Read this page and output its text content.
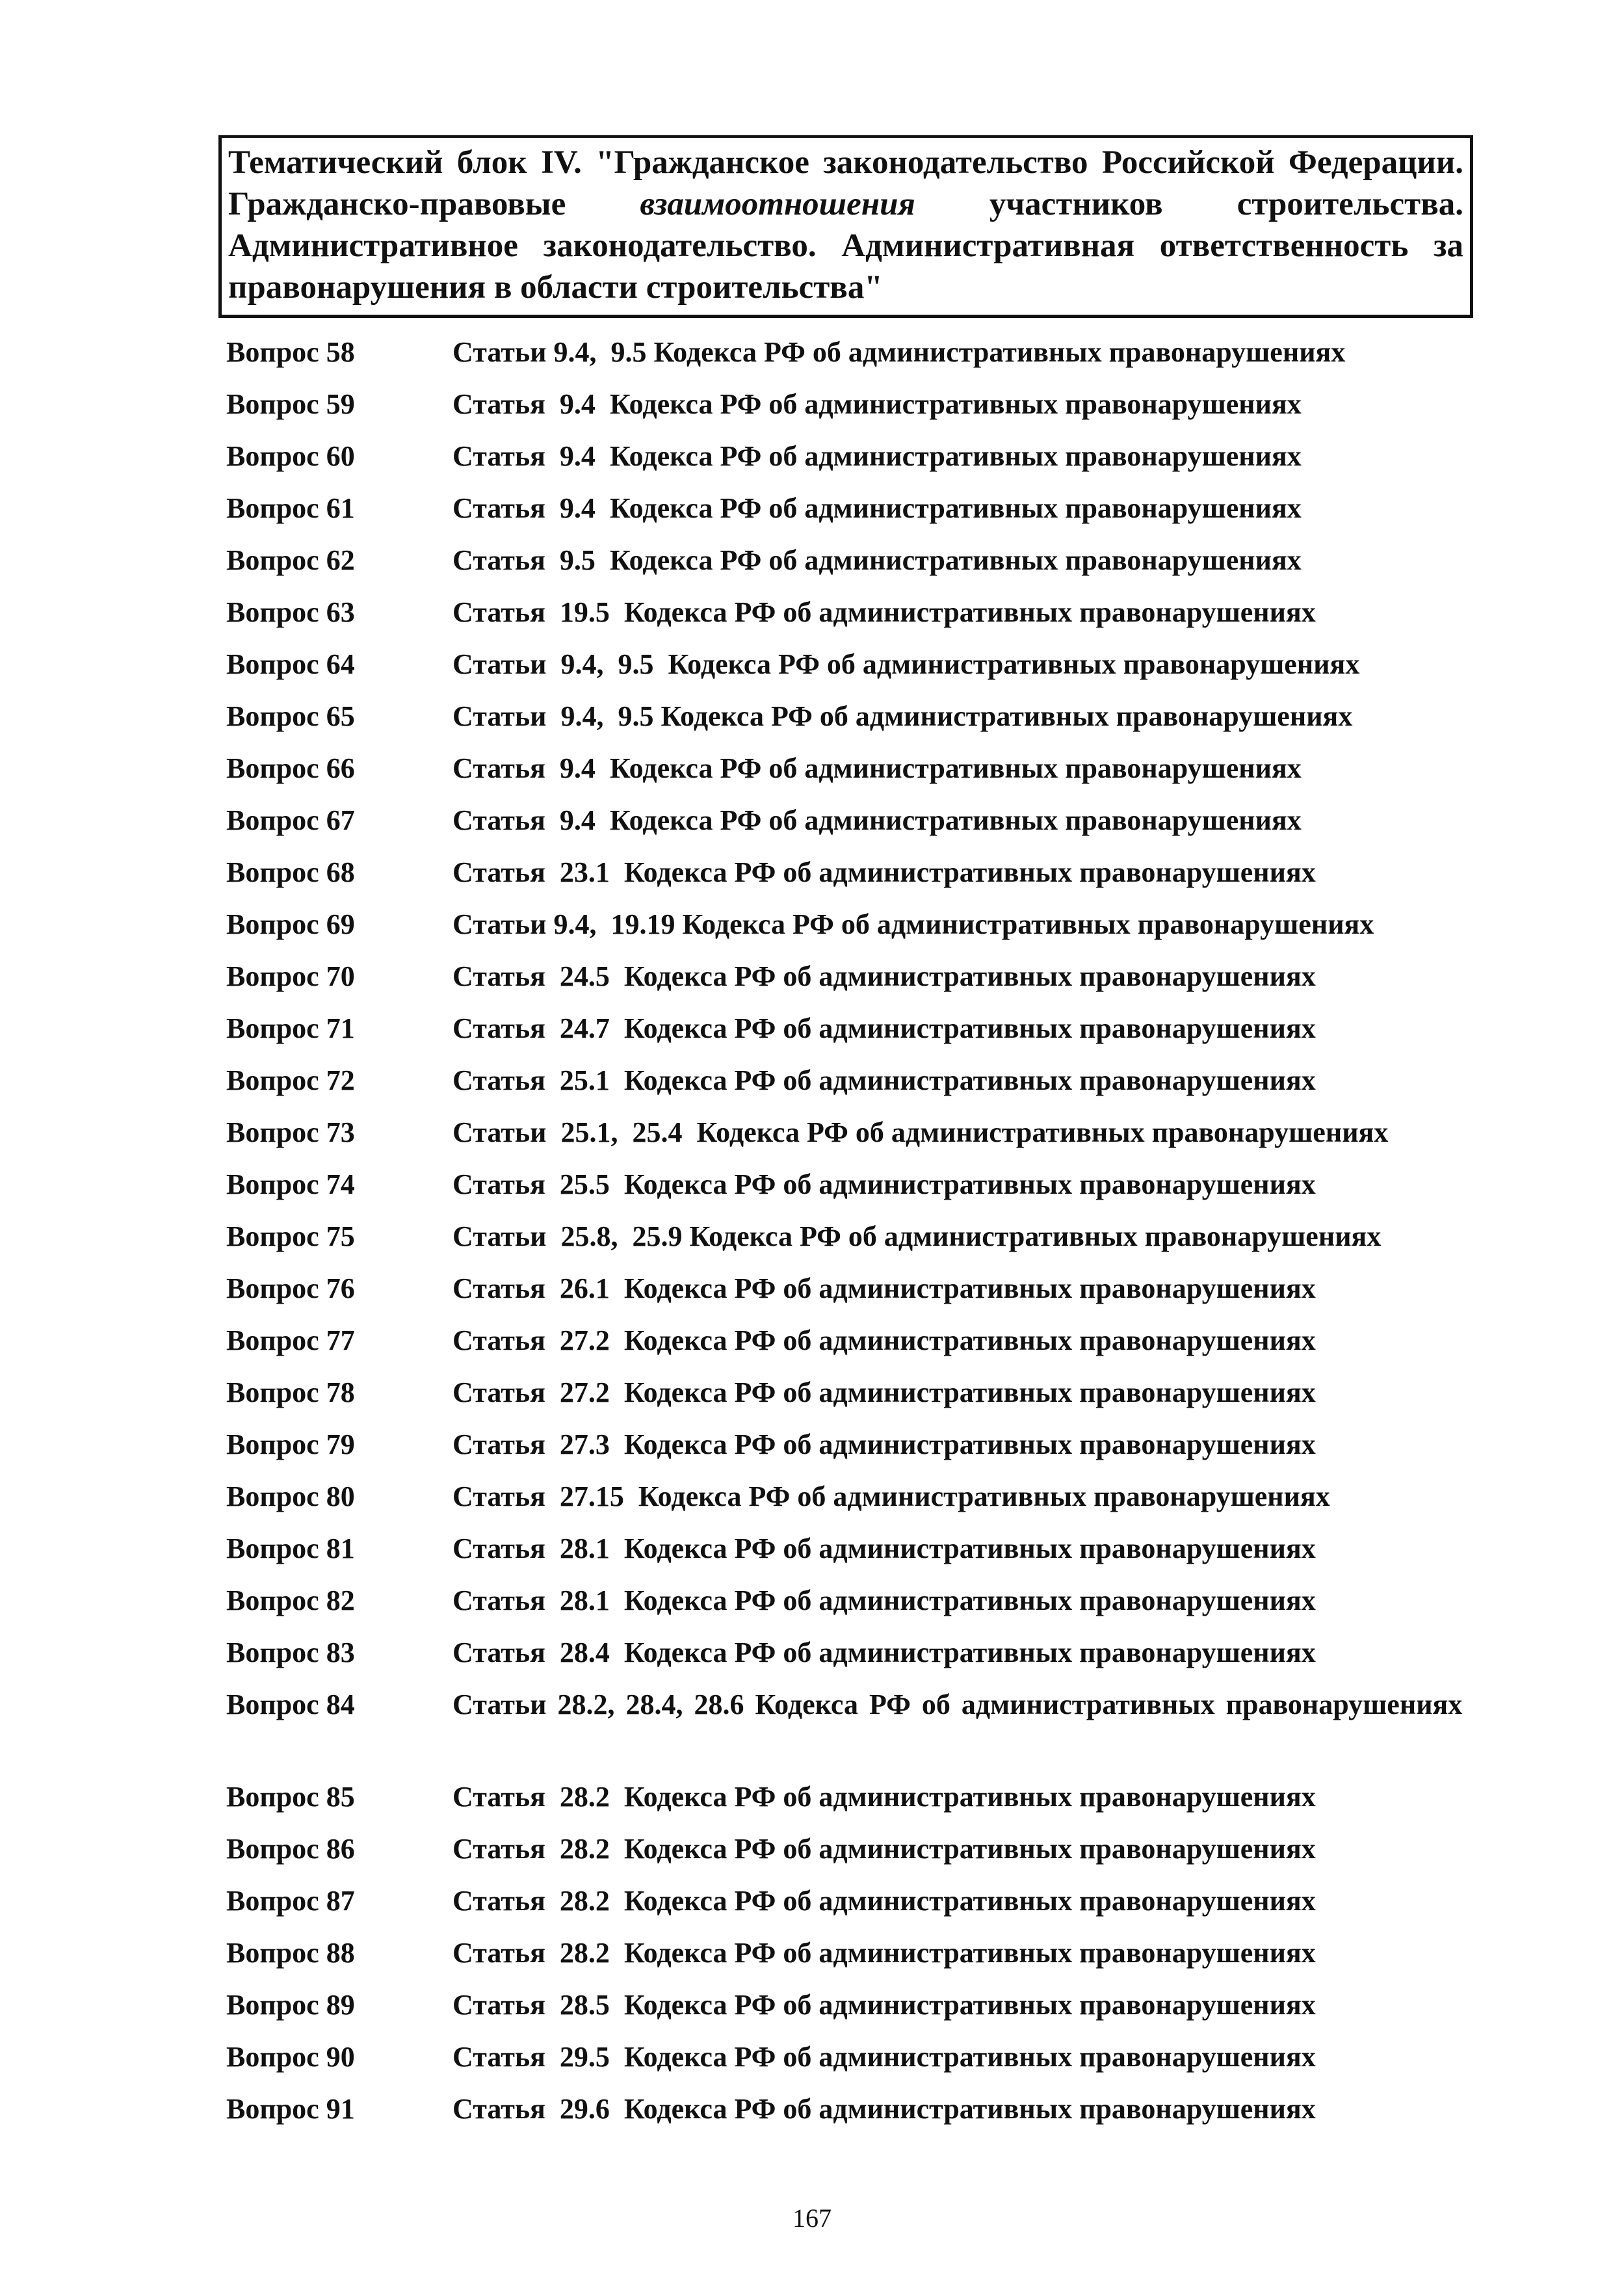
Тематический блок IV. "Гражданское законодательство Российской Федерации. Гражданско-правовые взаимоотношения участников строительства. Административное законодательство. Административная ответственность за правонарушения в области строительства"

Вопрос 58	Статьи 9.4,  9.5 Кодекса РФ об административных правонарушениях
Вопрос 59	Статья  9.4  Кодекса РФ об административных правонарушениях
Вопрос 60	Статья  9.4  Кодекса РФ об административных правонарушениях
Вопрос 61	Статья  9.4  Кодекса РФ об административных правонарушениях
Вопрос 62	Статья  9.5  Кодекса РФ об административных правонарушениях
Вопрос 63	Статья  19.5  Кодекса РФ об административных правонарушениях
Вопрос 64	Статьи  9.4,  9.5  Кодекса РФ об административных правонарушениях
Вопрос 65	Статьи  9.4,  9.5 Кодекса РФ об административных правонарушениях
Вопрос 66	Статья  9.4  Кодекса РФ об административных правонарушениях
Вопрос 67	Статья  9.4  Кодекса РФ об административных правонарушениях
Вопрос 68	Статья  23.1  Кодекса РФ об административных правонарушениях
Вопрос 69	Статьи 9.4,  19.19 Кодекса РФ об административных правонарушениях
Вопрос 70	Статья  24.5  Кодекса РФ об административных правонарушениях
Вопрос 71	Статья  24.7  Кодекса РФ об административных правонарушениях
Вопрос 72	Статья  25.1  Кодекса РФ об административных правонарушениях
Вопрос 73	Статьи  25.1,  25.4  Кодекса РФ об административных правонарушениях
Вопрос 74	Статья  25.5  Кодекса РФ об административных правонарушениях
Вопрос 75	Статьи  25.8,  25.9 Кодекса РФ об административных правонарушениях
Вопрос 76	Статья  26.1  Кодекса РФ об административных правонарушениях
Вопрос 77	Статья  27.2  Кодекса РФ об административных правонарушениях
Вопрос 78	Статья  27.2  Кодекса РФ об административных правонарушениях
Вопрос 79	Статья  27.3  Кодекса РФ об административных правонарушениях
Вопрос 80	Статья  27.15  Кодекса РФ об административных правонарушениях
Вопрос 81	Статья  28.1  Кодекса РФ об административных правонарушениях
Вопрос 82	Статья  28.1  Кодекса РФ об административных правонарушениях
Вопрос 83	Статья  28.4  Кодекса РФ об административных правонарушениях
Вопрос 84	Статьи 28.2, 28.4, 28.6 Кодекса РФ об административных правонарушениях
Вопрос 85	Статья  28.2  Кодекса РФ об административных правонарушениях
Вопрос 86	Статья  28.2  Кодекса РФ об административных правонарушениях
Вопрос 87	Статья  28.2  Кодекса РФ об административных правонарушениях
Вопрос 88	Статья  28.2  Кодекса РФ об административных правонарушениях
Вопрос 89	Статья  28.5  Кодекса РФ об административных правонарушениях
Вопрос 90	Статья  29.5  Кодекса РФ об административных правонарушениях
Вопрос 91	Статья  29.6  Кодекса РФ об административных правонарушениях
167
